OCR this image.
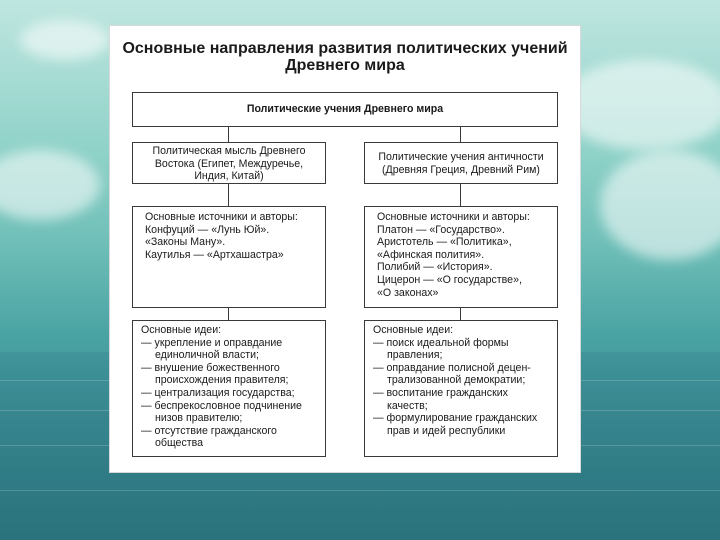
Основные направления развития политических учений Древнего мира
Политические учения Древнего мира
Политическая мысль Древнего
Востока (Египет, Междуречье,
Индия, Китай)
Основные источники и авторы:
Конфуций — «Лунь Юй».
«Законы Ману».
Каутилья — «Артхашастра»
Основные идеи:
— укрепление и оправдание
единоличной власти;
— внушение божественного
происхождения правителя;
— централизация государства;
— беспрекословное подчинение
низов правителю;
— отсутствие гражданского
общества
Политические учения античности
(Древняя Греция, Древний Рим)
Основные источники и авторы:
Платон — «Государство».
Аристотель — «Политика»,
«Афинская полития».
Полибий — «История».
Цицерон — «О государстве»,
«О законах»
Основные идеи:
— поиск идеальной формы
правления;
— оправдание полисной децен-
трализованной демократии;
— воспитание гражданских
качеств;
— формулирование гражданских
прав и идей республики
